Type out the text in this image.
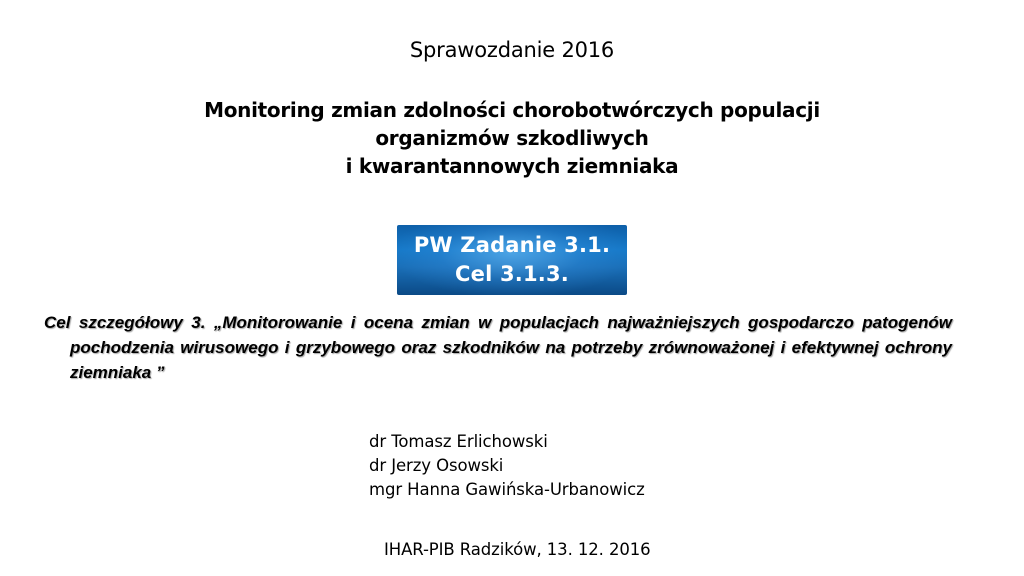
Sprawozdanie 2016
Monitoring zmian zdolności chorobotwórczych populacji
organizmów szkodliwych
i kwarantannowych ziemniaka
PW Zadanie 3.1.
Cel 3.1.3.
Cel szczegółowy 3. „Monitorowanie i ocena zmian w populacjach najważniejszych gospodarczo patogenów pochodzenia wirusowego i grzybowego oraz szkodników na potrzeby zrównoważonej i efektywnej ochrony ziemniaka ”
dr Tomasz Erlichowski
dr Jerzy Osowski
mgr Hanna Gawińska-Urbanowicz
IHAR-PIB Radzików, 13. 12. 2016
